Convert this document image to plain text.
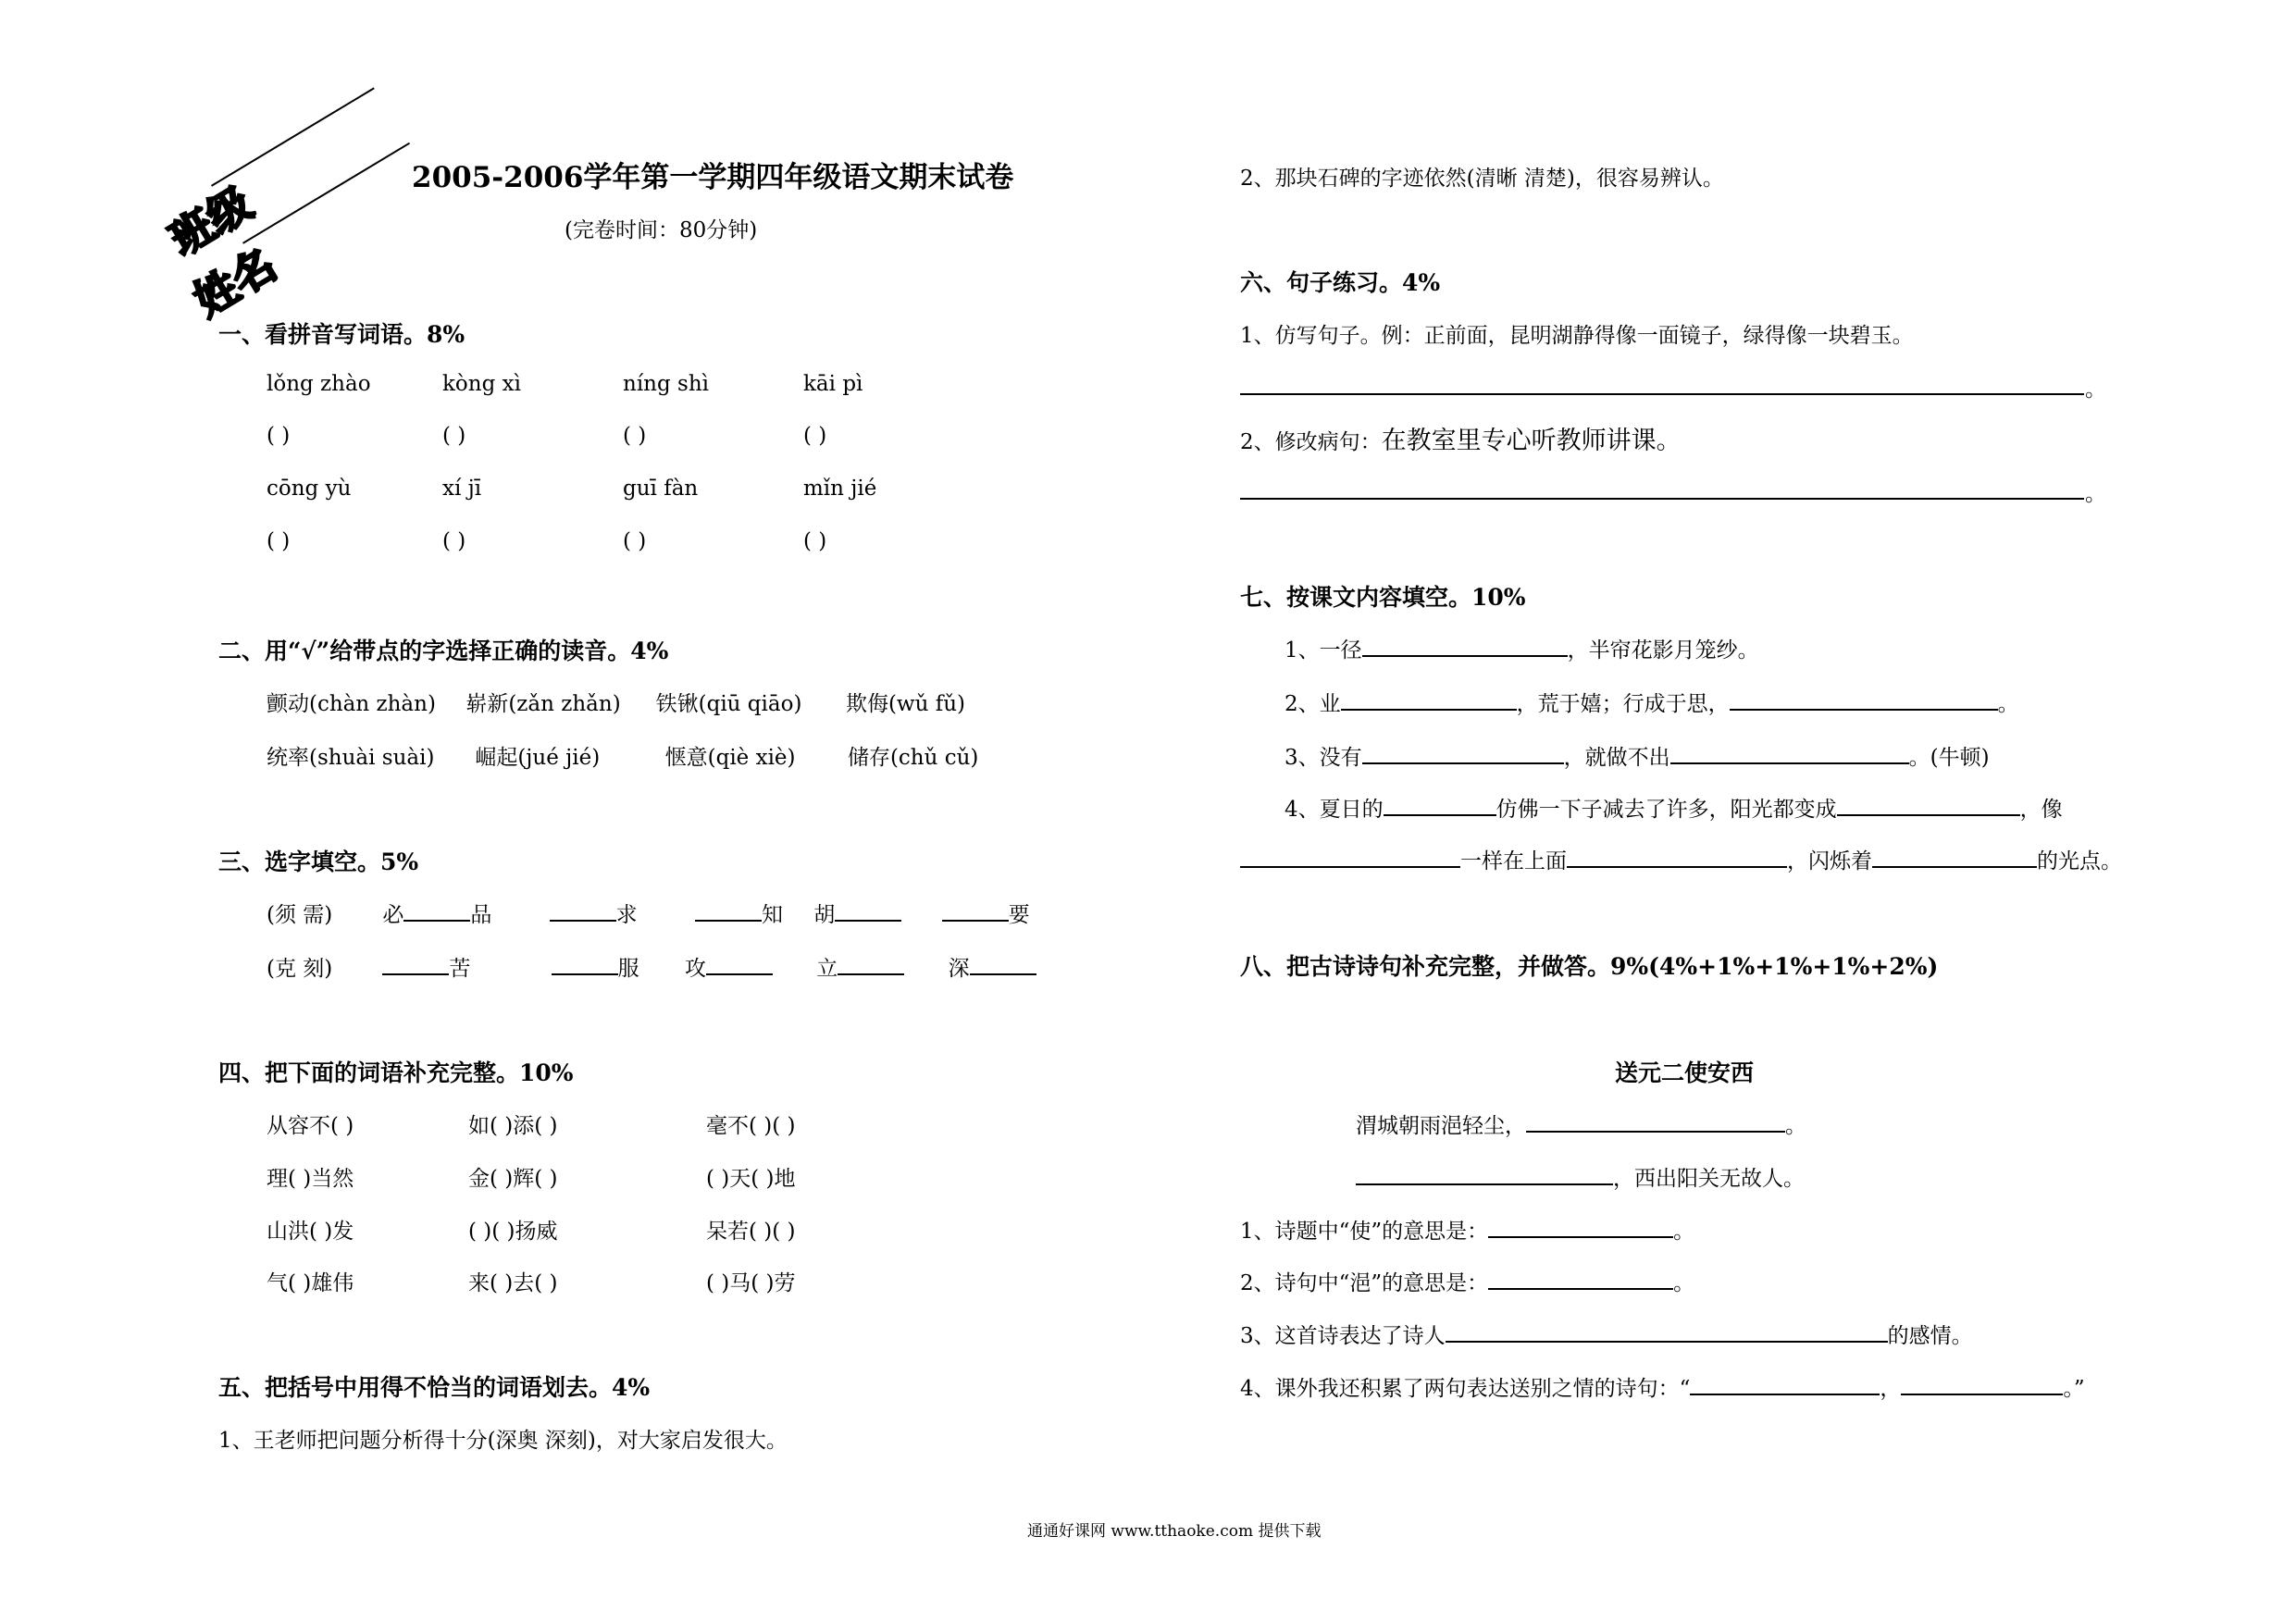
班级
姓名
2005-2006学年第一学期四年级语文期末试卷
(完卷时间：80分钟)
一、看拼音写词语。8%
lǒng zhào	kòng xì	níng shì	kāi pì
( )	( )	( )	( )
cōng yù	xí jī	guī fàn	mǐn jié
( )	( )	( )	( )
二、用“√”给带点的字选择正确的读音。4%
颤动(chàn zhàn) 崭新(zǎn zhǎn) 铁锹(qiū qiāo) 欺侮(wǔ fǔ)
统率(shuài suài) 崛起(jué jié)	惬意(qiè xiè) 储存(chǔ cǔ)
三、选字填空。5%
(须 需) 必	品	求	知 胡	要
(克 刻)	苦	服 攻	立	深
四、把下面的词语补充完整。10%
从容不( )	如( )添( )	毫不( )( )
理( )当然	金( )辉( )	( )天( )地
山洪( )发	( )( )扬威	呆若( )( )
气( )雄伟	来( )去( )	( )马( )劳
五、把括号中用得不恰当的词语划去。4%
1、王老师把问题分析得十分(深奥 深刻)，对大家启发很大。
2、那块石碑的字迹依然(清晰 清楚)，很容易辨认。
六、句子练习。4%
1、仿写句子。例：正前面，昆明湖静得像一面镜子，绿得像一块碧玉。
。
2、修改病句：在教室里专心听教师讲课。
。
七、按课文内容填空。10%
1、一径	，半帘花影月笼纱。
2、业	，荒于嬉；行成于思，	。
3、没有	，就做不出	。(牛顿)
4、夏日的	仿佛一下子减去了许多，阳光都变成	，像
一样在上面	，闪烁着	的光点。
八、把古诗诗句补充完整，并做答。9%(4%+1%+1%+1%+2%)
送元二使安西
渭城朝雨浥轻尘，	。
，西出阳关无故人。
1、诗题中“使”的意思是：	。
2、诗句中“浥”的意思是：	。
3、这首诗表达了诗人	的感情。
4、课外我还积累了两句表达送别之情的诗句：“	，	。”
通通好课网 www.tthaoke.com 提供下载
